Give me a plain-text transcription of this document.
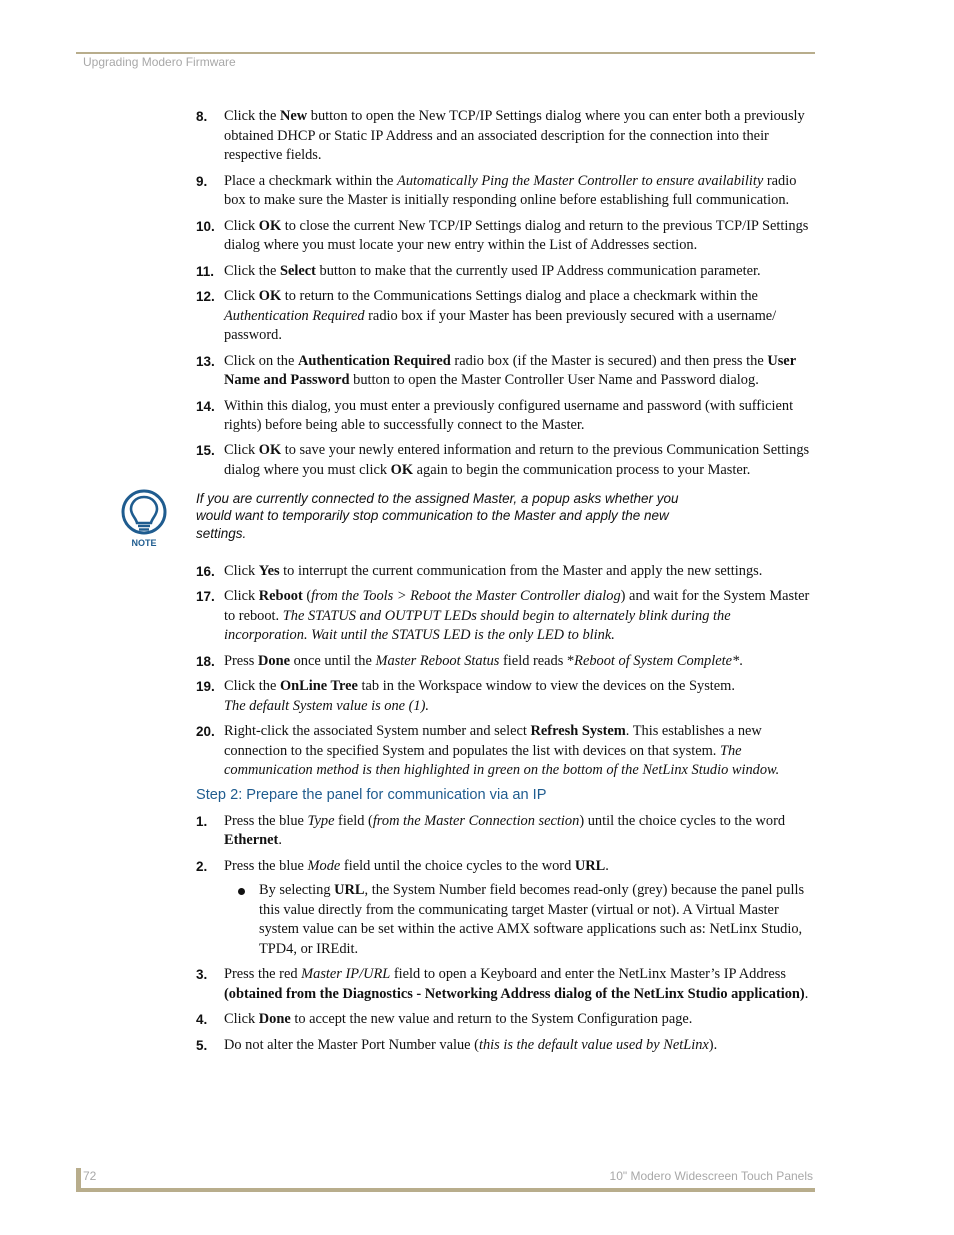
Upgrading Modero Firmware
8. Click the New button to open the New TCP/IP Settings dialog where you can enter both a previously obtained DHCP or Static IP Address and an associated description for the connection into their respective fields.
9. Place a checkmark within the Automatically Ping the Master Controller to ensure availability radio box to make sure the Master is initially responding online before establishing full communication.
10. Click OK to close the current New TCP/IP Settings dialog and return to the previous TCP/IP Settings dialog where you must locate your new entry within the List of Addresses section.
11. Click the Select button to make that the currently used IP Address communication parameter.
12. Click OK to return to the Communications Settings dialog and place a checkmark within the Authentication Required radio box if your Master has been previously secured with a username/ password.
13. Click on the Authentication Required radio box (if the Master is secured) and then press the User Name and Password button to open the Master Controller User Name and Password dialog.
14. Within this dialog, you must enter a previously configured username and password (with sufficient rights) before being able to successfully connect to the Master.
15. Click OK to save your newly entered information and return to the previous Communication Settings dialog where you must click OK again to begin the communication process to your Master.
NOTE
If you are currently connected to the assigned Master, a popup asks whether you would want to temporarily stop communication to the Master and apply the new settings.
16. Click Yes to interrupt the current communication from the Master and apply the new settings.
17. Click Reboot (from the Tools > Reboot the Master Controller dialog) and wait for the System Master to reboot. The STATUS and OUTPUT LEDs should begin to alternately blink during the incorporation. Wait until the STATUS LED is the only LED to blink.
18. Press Done once until the Master Reboot Status field reads *Reboot of System Complete*.
19. Click the OnLine Tree tab in the Workspace window to view the devices on the System.
The default System value is one (1).
20. Right-click the associated System number and select Refresh System. This establishes a new connection to the specified System and populates the list with devices on that system. The communication method is then highlighted in green on the bottom of the NetLinx Studio window.
Step 2: Prepare the panel for communication via an IP
1. Press the blue Type field (from the Master Connection section) until the choice cycles to the word Ethernet.
2. Press the blue Mode field until the choice cycles to the word URL.
By selecting URL, the System Number field becomes read-only (grey) because the panel pulls this value directly from the communicating target Master (virtual or not). A Virtual Master system value can be set within the active AMX software applications such as: NetLinx Studio, TPD4, or IREdit.
3. Press the red Master IP/URL field to open a Keyboard and enter the NetLinx Master’s IP Address (obtained from the Diagnostics - Networking Address dialog of the NetLinx Studio application).
4. Click Done to accept the new value and return to the System Configuration page.
5. Do not alter the Master Port Number value (this is the default value used by NetLinx).
72	10" Modero Widescreen Touch Panels
